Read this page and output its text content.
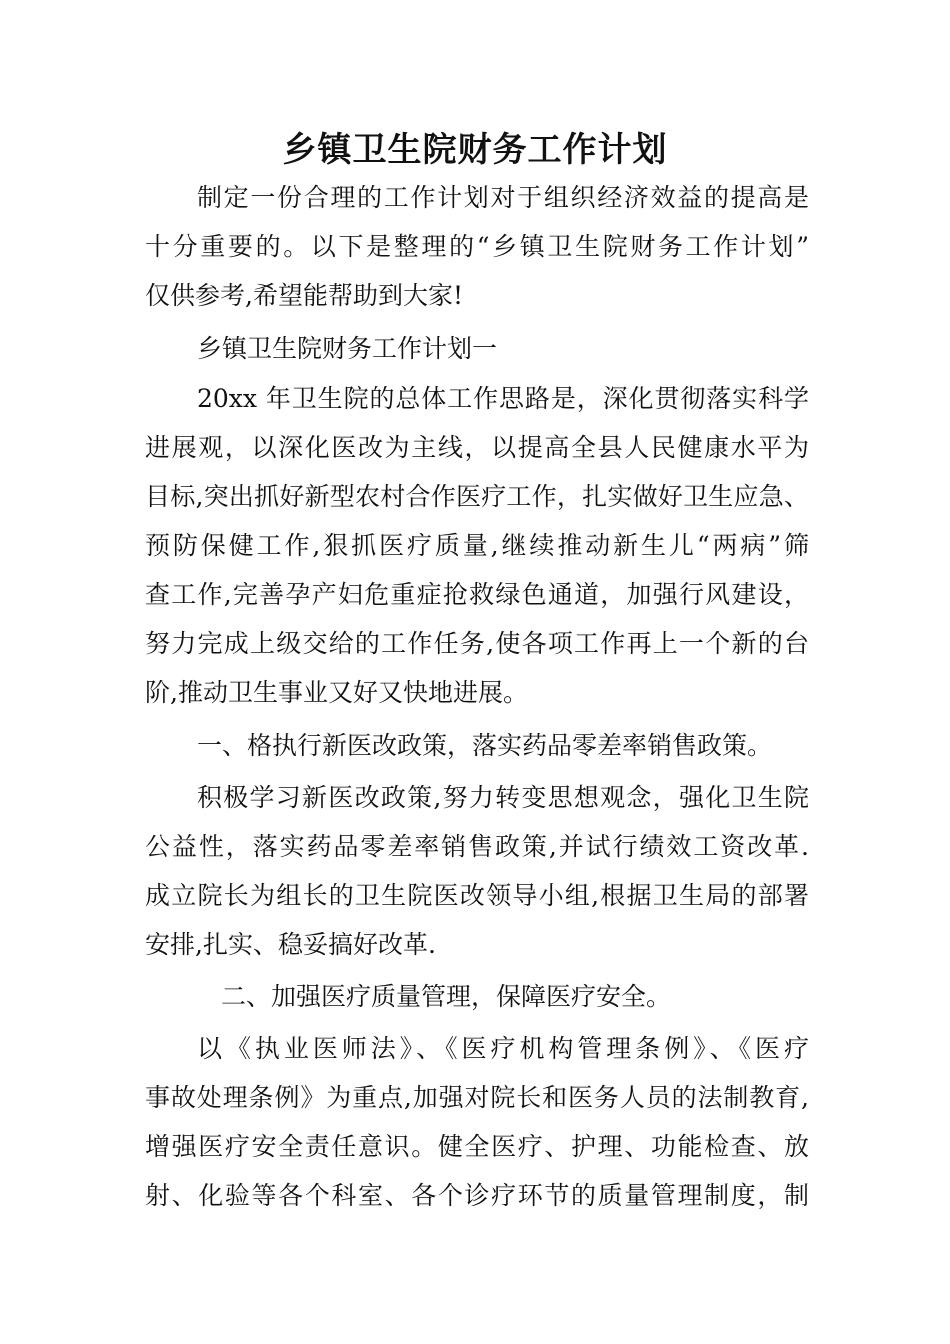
乡镇卫生院财务工作计划
制定一份合理的工作计划对于组织经济效益的提高是
十分重要的。以下是整理的“乡镇卫生院财务工作计划”
仅供参考,希望能帮助到大家!
乡镇卫生院财务工作计划一
20xx 年卫生院的总体工作思路是，深化贯彻落实科学
进展观，以深化医改为主线，以提高全县人民健康水平为
目标,突出抓好新型农村合作医疗工作，扎实做好卫生应急、
预防保健工作,狠抓医疗质量,继续推动新生儿“两病”筛
查工作,完善孕产妇危重症抢救绿色通道，加强行风建设，
努力完成上级交给的工作任务,使各项工作再上一个新的台
阶,推动卫生事业又好又快地进展。
一、格执行新医改政策，落实药品零差率销售政策。
积极学习新医改政策,努力转变思想观念，强化卫生院
公益性，落实药品零差率销售政策,并试行绩效工资改革.
成立院长为组长的卫生院医改领导小组,根据卫生局的部署
安排,扎实、稳妥搞好改革.
二、加强医疗质量管理，保障医疗安全。
以《执业医师法》、《医疗机构管理条例》、《医疗
事故处理条例》为重点,加强对院长和医务人员的法制教育,
增强医疗安全责任意识。健全医疗、护理、功能检查、放
射、化验等各个科室、各个诊疗环节的质量管理制度，制
